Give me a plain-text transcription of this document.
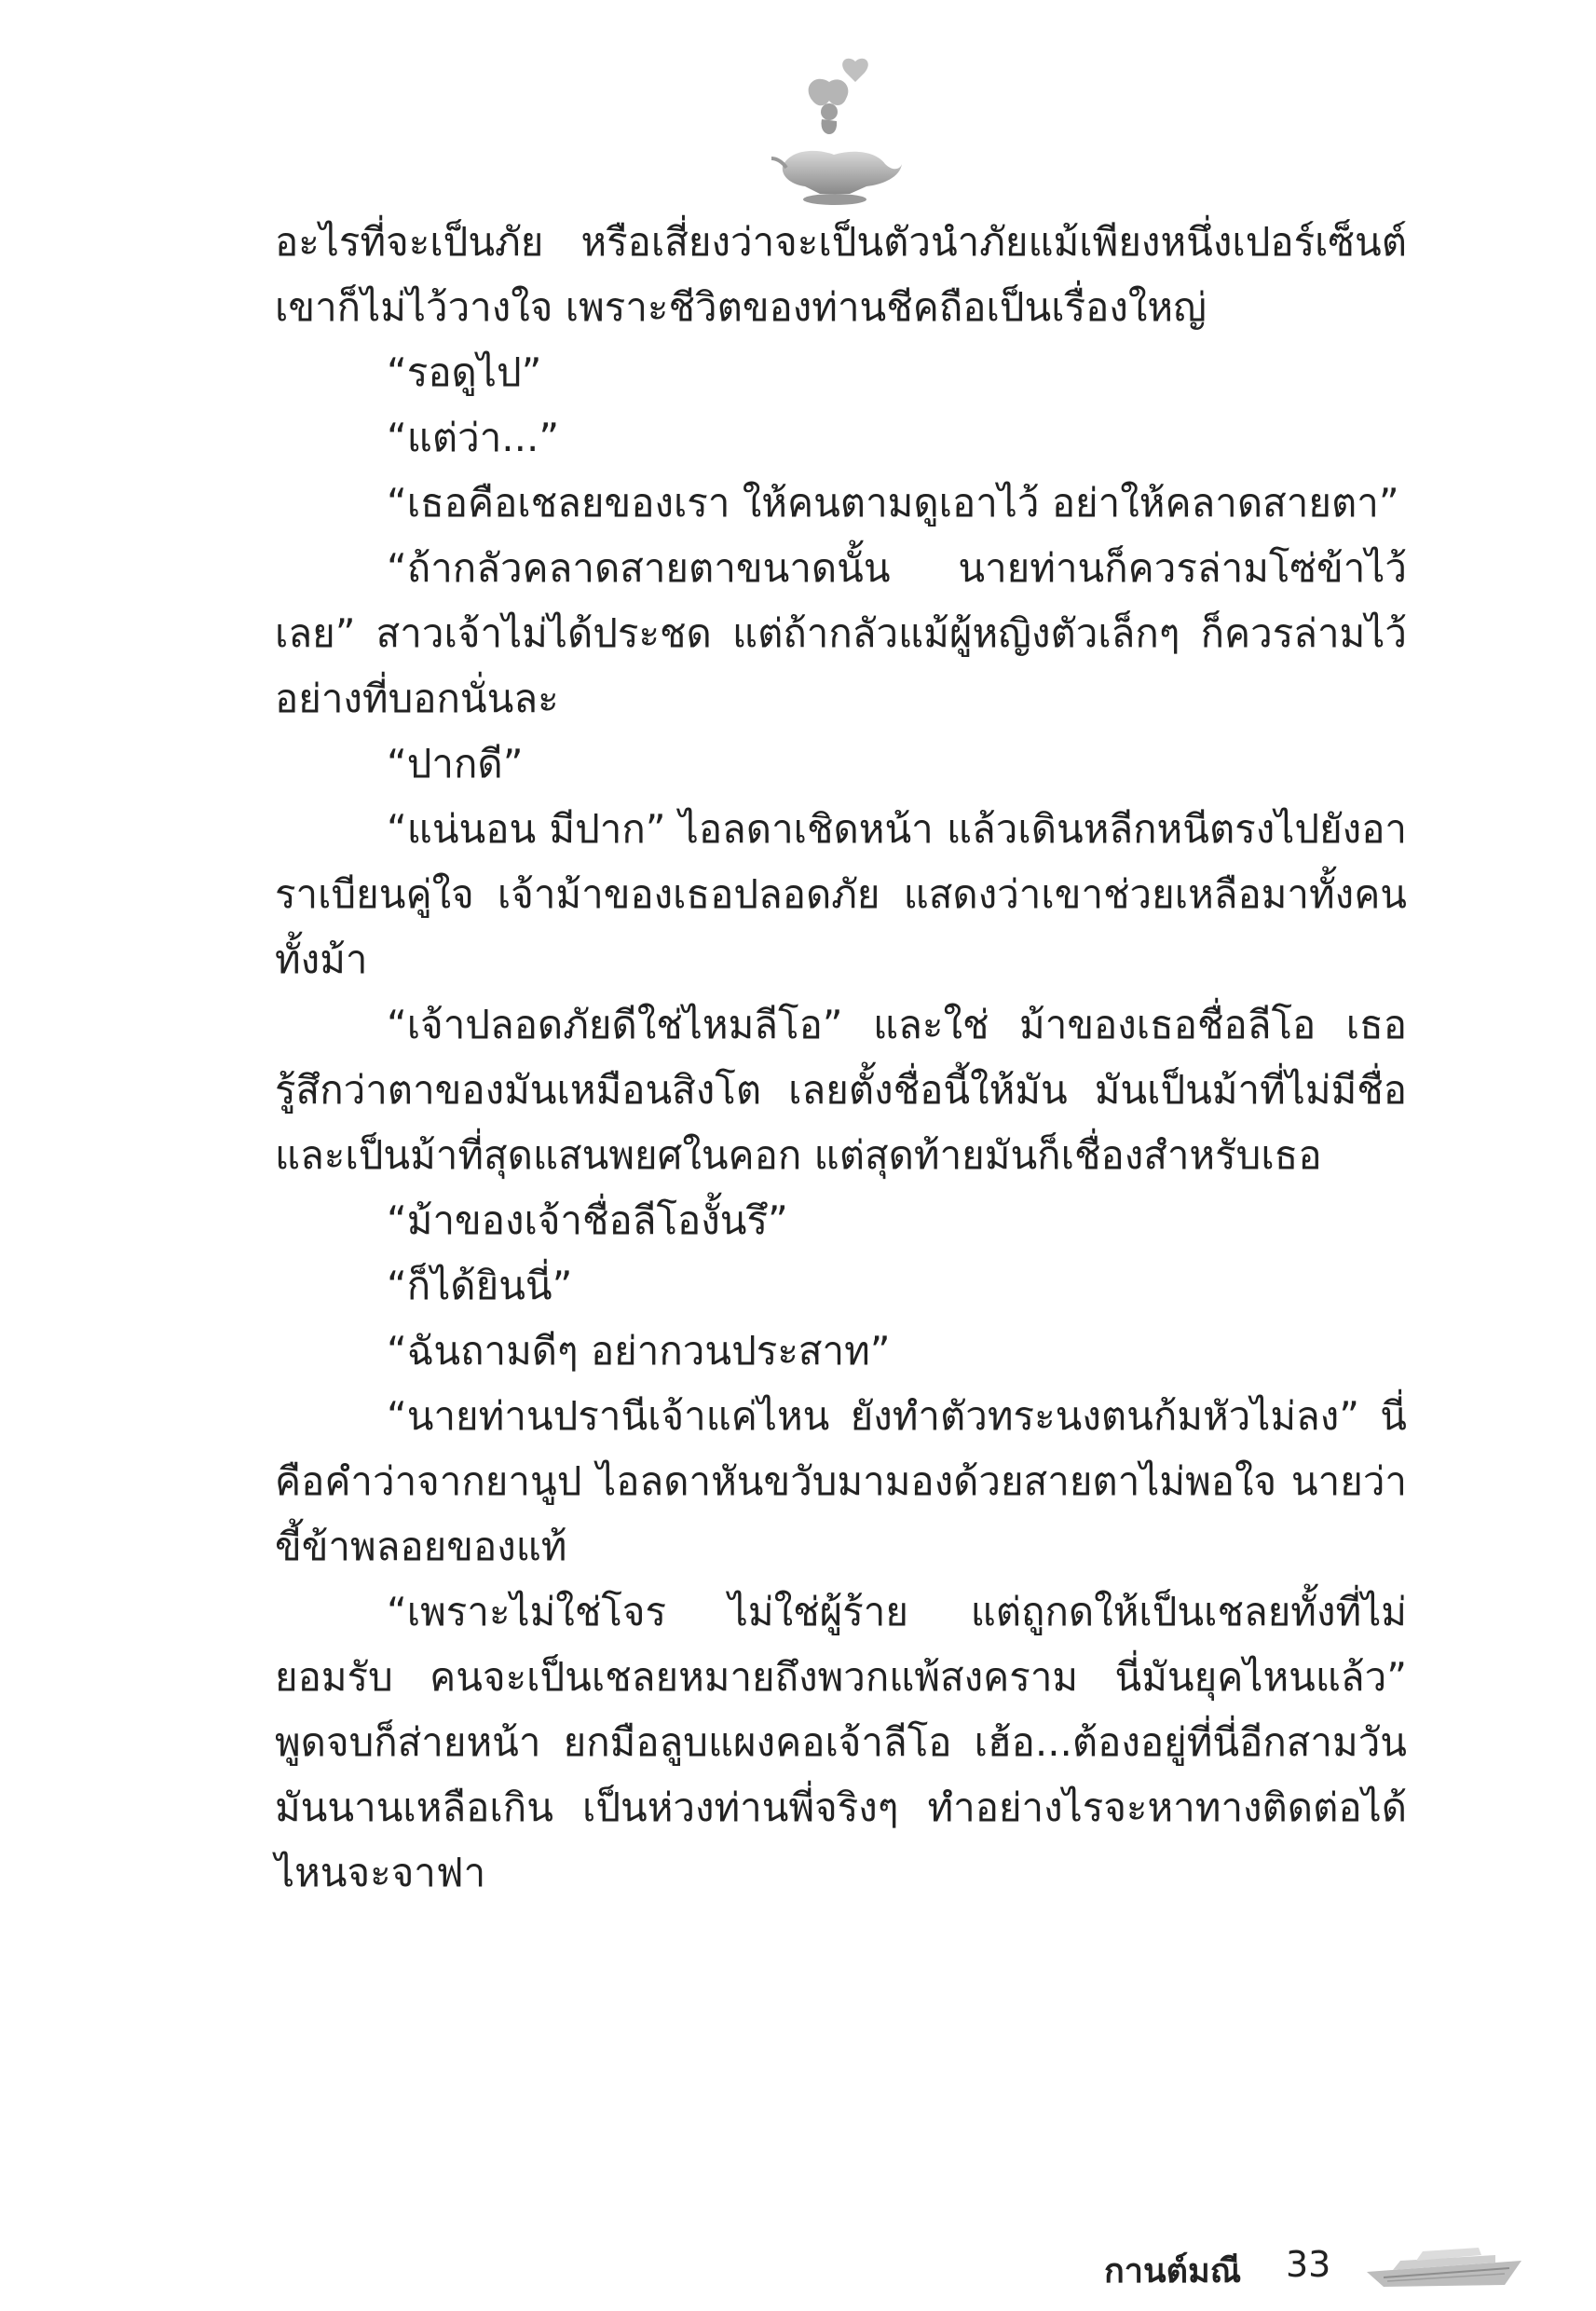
อะไรที่จะเป็นภัย หรือเสี่ยงว่าจะเป็นตัวนำภัยแม้เพียงหนึ่งเปอร์เซ็นต์ เขาก็ไม่ไว้วางใจ เพราะชีวิตของท่านชีคถือเป็นเรื่องใหญ่

“รอดูไป”

“แต่ว่า...”

“เธอคือเชลยของเรา ให้คนตามดูเอาไว้ อย่าให้คลาดสายตา”

“ถ้ากลัวคลาดสายตาขนาดนั้น นายท่านก็ควรล่ามโซ่ข้าไว้เลย” สาวเจ้าไม่ได้ประชด แต่ถ้ากลัวแม้ผู้หญิงตัวเล็กๆ ก็ควรล่ามไว้อย่างที่บอกนั่นละ

“ปากดี”

“แน่นอน มีปาก” ไอลดาเชิดหน้า แล้วเดินหลีกหนีตรงไปยังอาราเบียนคู่ใจ เจ้าม้าของเธอปลอดภัย แสดงว่าเขาช่วยเหลือมาทั้งคนทั้งม้า

“เจ้าปลอดภัยดีใช่ไหมลีโอ” และใช่ ม้าของเธอชื่อลีโอ เธอรู้สึกว่าตาของมันเหมือนสิงโต เลยตั้งชื่อนี้ให้มัน มันเป็นม้าที่ไม่มีชื่อ และเป็นม้าที่สุดแสนพยศในคอก แต่สุดท้ายมันก็เชื่องสำหรับเธอ

“ม้าของเจ้าชื่อลีโองั้นรึ”

“ก็ได้ยินนี่”

“ฉันถามดีๆ อย่ากวนประสาท”

“นายท่านปรานีเจ้าแค่ไหน ยังทำตัวทระนงตนก้มหัวไม่ลง” นี่คือคำว่าจากยานูป ไอลดาหันขวับมามองด้วยสายตาไม่พอใจ นายว่าขี้ข้าพลอยของแท้

“เพราะไม่ใช่โจร ไม่ใช่ผู้ร้าย แต่ถูกดให้เป็นเชลยทั้งที่ไม่ยอมรับ คนจะเป็นเชลยหมายถึงพวกแพ้สงคราม นี่มันยุคไหนแล้ว” พูดจบก็ส่ายหน้า ยกมือลูบแผงคอเจ้าลีโอ เฮ้อ...ต้องอยู่ที่นี่อีกสามวัน มันนานเหลือเกิน เป็นห่วงท่านพี่จริงๆ ทำอย่างไรจะหาทางติดต่อได้ไหนจะจาฟา

กานต์มณี 33
